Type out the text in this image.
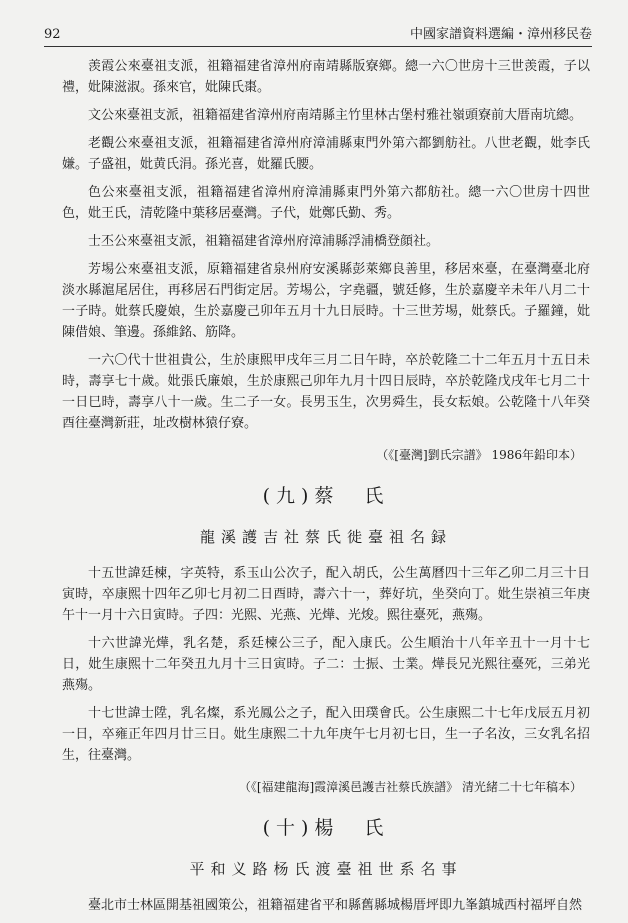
92	中國家譜資料選編・漳州移民卷

羡霞公來臺祖支派，祖籍福建省漳州府南靖縣版寮鄉。總一六〇世房十三世羡霞，子以禮，妣陳滋淑。孫來官，妣陳氏棗。

文公來臺祖支派，祖籍福建省漳州府南靖縣主竹里林古堡村雅社嶺頭寮前大厝南坑總。

老觀公來臺祖支派，祖籍福建省漳州府漳浦縣東門外第六都劉舫社。八世老觀，妣李氏嫌。子盛祖，妣黄氏涓。孫光喜，妣羅氏腰。

色公來臺祖支派，祖籍福建省漳州府漳浦縣東門外第六都舫社。總一六〇世房十四世色，妣王氏，清乾隆中葉移居臺灣。子代，妣鄭氏勤、秀。

士丕公來臺祖支派，祖籍福建省漳州府漳浦縣浮浦橋登顔社。

芳埸公來臺祖支派，原籍福建省泉州府安溪縣彭萊鄉良善里，移居來臺，在臺灣臺北府淡水縣滬尾居住，再移居石門街定居。芳埸公，字堯疆，號廷修，生於嘉慶辛未年八月二十一子時。妣蔡氏慶娘，生於嘉慶己卯年五月十九日辰時。十三世芳埸，妣蔡氏。子羅鐘，妣陳借娘、筆邊。孫維銘、筋降。

一六〇代十世祖貴公，生於康熙甲戌年三月二日午時，卒於乾隆二十二年五月十五日未時，壽享七十歲。妣張氏廉娘，生於康熙己卯年九月十四日辰時，卒於乾隆戊戌年七月二十一日巳時，壽享八十一歲。生二子一女。長男玉生，次男舜生，長女耘娘。公乾隆十八年癸酉往臺灣新莊，址改樹林猿仔寮。

（《[臺灣]劉氏宗譜》 1986年鉛印本）
(九)蔡　氏
龍溪護吉社蔡氏徙臺祖名録

十五世諱廷楝，字英特，系玉山公次子，配入胡氏，公生萬曆四十三年乙卯二月三十日寅時，卒康熙十四年乙卯七月初二日酉時，壽六十一，葬好坑，坐癸向丁。妣生崇禎三年庚午十一月十六日寅時。子四：光熙、光燕、光燁、光焌。熙往臺死，燕殤。

十六世諱光燁，乳名楚，系廷楝公三子，配入康氏。公生順治十八年辛丑十一月十七日，妣生康熙十二年癸丑九月十三日寅時。子二：士振、士業。燁長兄光熙往臺死，三弟光燕殤。

十七世諱士陞，乳名燦，系光鳳公之子，配入田璞會氏。公生康熙二十七年戊辰五月初一日，卒雍正年四月廿三日。妣生康熙二十九年庚午七月初七日，生一子名汝，三女乳名招生，往臺灣。

（《[福建龍海]霞漳溪邑護吉社蔡氏族譜》 清光緒二十七年稿本）
(十)楊　氏
平和义路杨氏渡臺祖世系名事

臺北市士林區開基祖國策公，祖籍福建省平和縣舊縣城楊厝坪即九峯鎮城西村福坪自然
